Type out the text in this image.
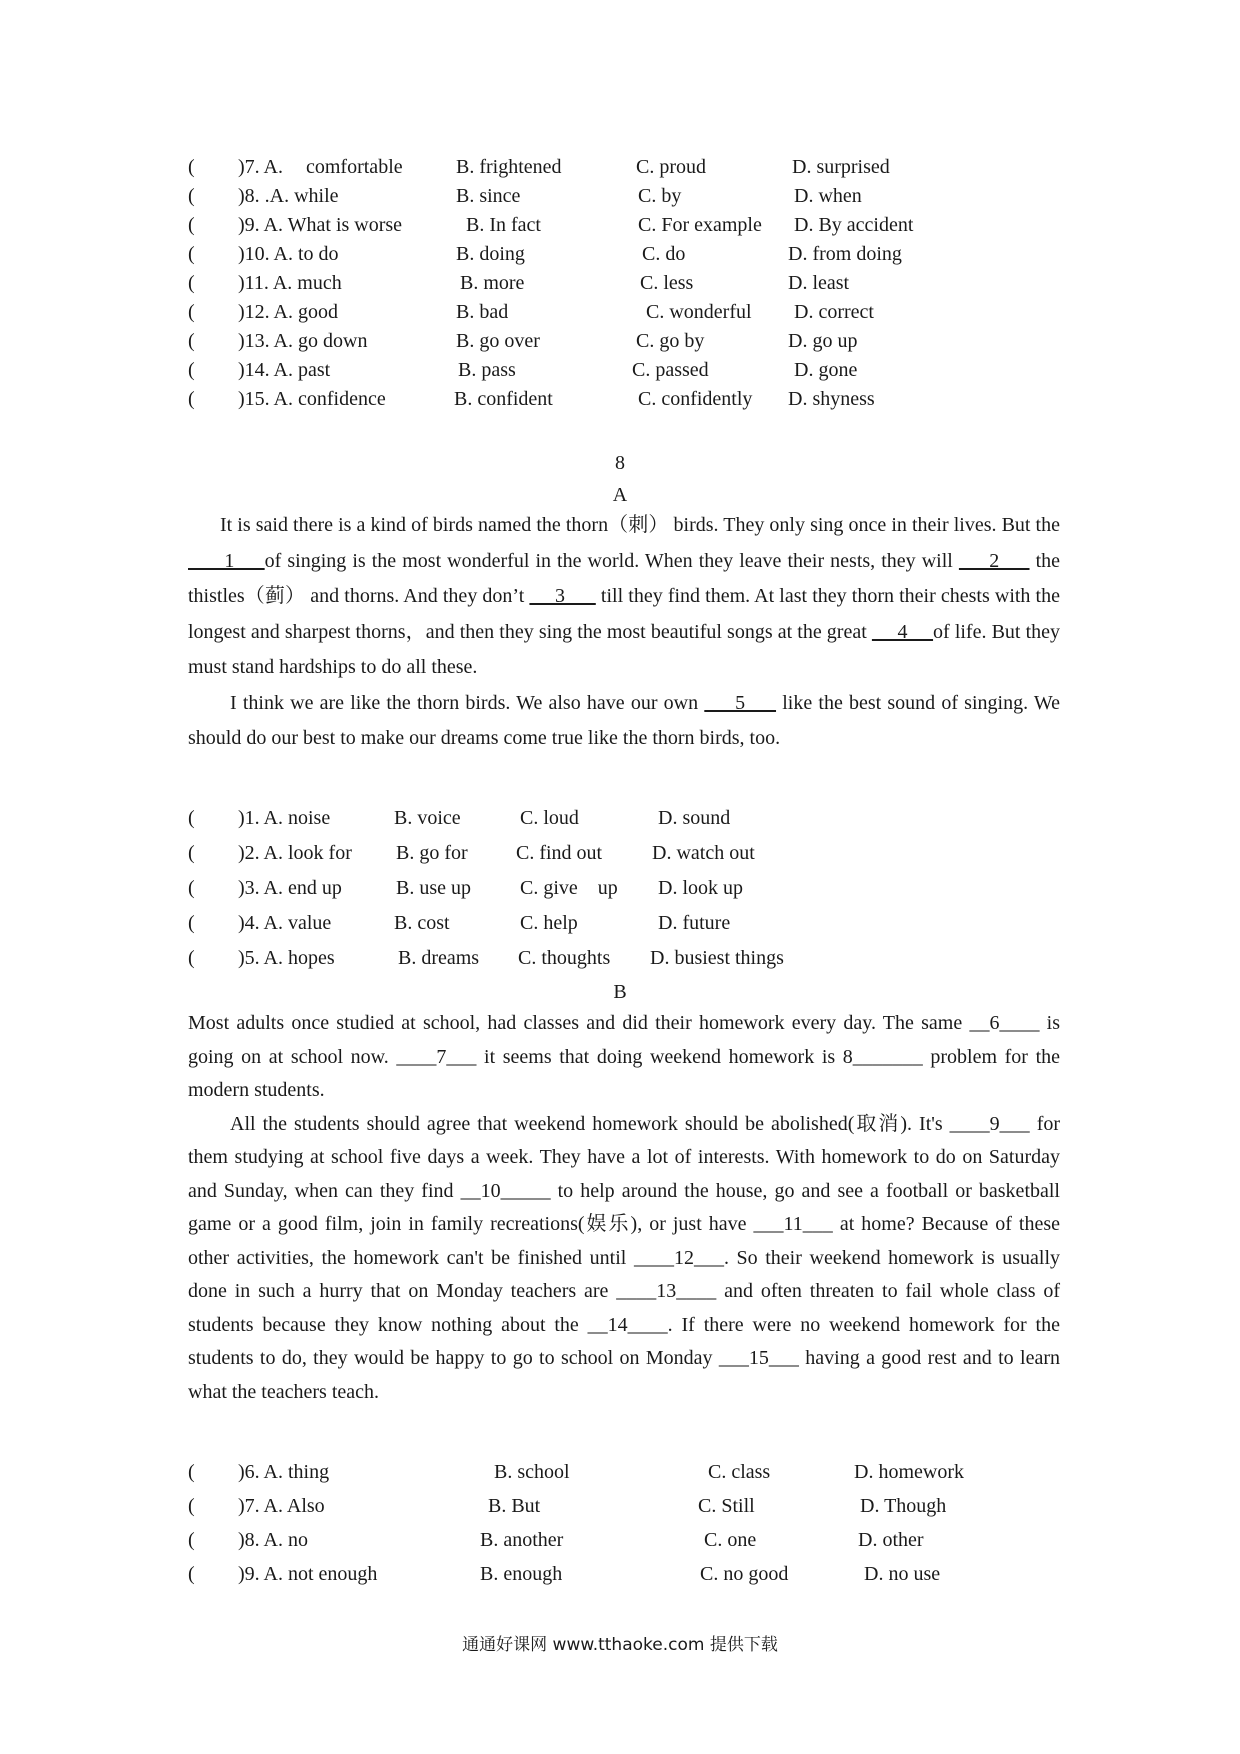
( )7. A. comfortable	B. frightened	C. proud	D. surprised
( )8. .A. while	B. since	C. by	D. when
( )9. A. What is worse	B. In fact	C. For example D. By accident
( )10. A. to do	B. doing	C. do	D. from doing
( )11. A. much	B. more	C. less	D. least
( )12. A. good	B. bad	C. wonderful D. correct
( )13. A. go down	B. go over	C. go by	D. go up
( )14. A. past	B. pass	C. passed	D. gone
( )15. A. confidence	B. confident	C. confidently D. shyness
8
A
It is said there is a kind of birds named the thorn（刺） birds. They only sing once in their lives. But the       1     of singing is the most wonderful in the world. When they leave their nests, they will      2      the thistles（蓟） and thorns. And they don’t      3       till they find them. At last they thorn their chests with the longest and sharpest thorns，and then they sing the most beautiful songs at the great      4     of life. But they must stand hardships to do all these.
I think we are like the thorn birds. We also have our own      5      like the best sound of singing. We should do our best to make our dreams come true like the thorn birds, too.
( )1. A. noise	B. voice	C. loud	D. sound
( )2. A. look for B. go for C. find out D. watch out
( )3. A. end up	B. use up C. give    up D. look up
( )4. A. value	B. cost	C. help	D. future
( )5. A. hopes	B. dreams C. thoughts D. busiest things
B
Most adults once studied at school, had classes and did their homework every day. The same __6____ is going on at school now. ____7___ it seems that doing weekend homework is 8_______ problem for the modern students.
All the students should agree that weekend homework should be abolished(取消). It's ____9___ for them studying at school five days a week. They have a lot of interests. With homework to do on Saturday and Sunday, when can they find __10_____ to help around the house, go and see a football or basketball game or a good film, join in family recreations(娱乐), or just have ___11___ at home? Because of these other activities, the homework can't be finished until ____12___. So their weekend homework is usually done in such a hurry that on Monday teachers are ____13____ and often threaten to fail whole class of students because they know nothing about the __14____. If there were no weekend homework for the students to do, they would be happy to go to school on Monday ___15___ having a good rest and to learn what the teachers teach.
( )6. A. thing	B. school	C. class	D. homework
( )7. A. Also	B. But	C. Still	D. Though
( )8. A. no	B. another	C. one	D. other
( )9. A. not enough	B. enough	C. no good	D. no use
通通好课网 www.tthaoke.com 提供下载
